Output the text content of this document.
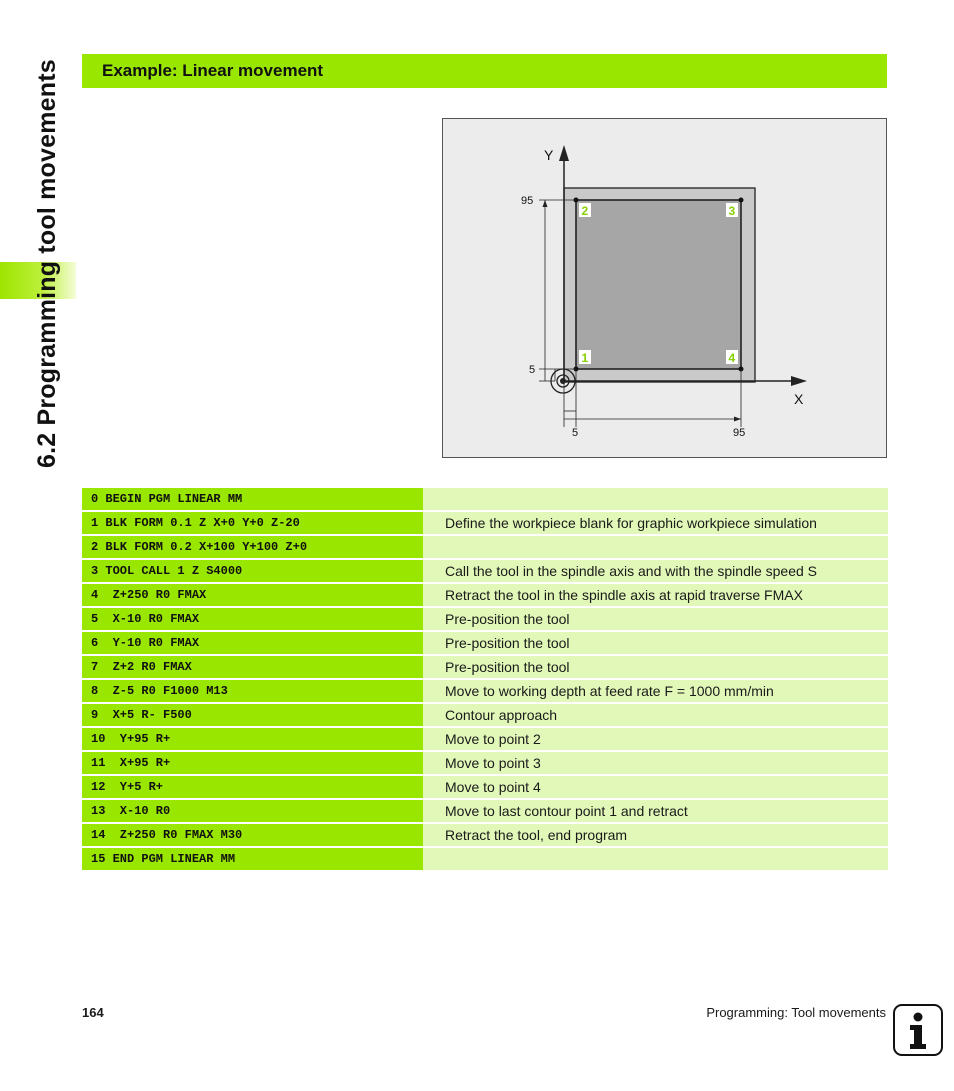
6.2 Programming tool movements	Example: Linear movement
Y
X
95
5
5	95
1
2	3
4
0 BEGIN PGM LINEAR MM
1 BLK FORM 0.1 Z X+0 Y+0 Z-20	Define the workpiece blank for graphic workpiece simulation
2 BLK FORM 0.2 X+100 Y+100 Z+0
3 TOOL CALL 1 Z S4000	Call the tool in the spindle axis and with the spindle speed S
4  Z+250 R0 FMAX	Retract the tool in the spindle axis at rapid traverse FMAX
5  X-10 R0 FMAX	Pre-position the tool
6  Y-10 R0 FMAX	Pre-position the tool
7  Z+2 R0 FMAX	Pre-position the tool
8  Z-5 R0 F1000 M13	Move to working depth at feed rate F = 1000 mm/min
9  X+5 R- F500	Contour approach
10  Y+95 R+	Move to point 2
11  X+95 R+	Move to point 3
12  Y+5 R+	Move to point 4
13  X-10 R0	Move to last contour point 1 and retract
14  Z+250 R0 FMAX M30	Retract the tool, end program
15 END PGM LINEAR MM
164	Programming: Tool movements
